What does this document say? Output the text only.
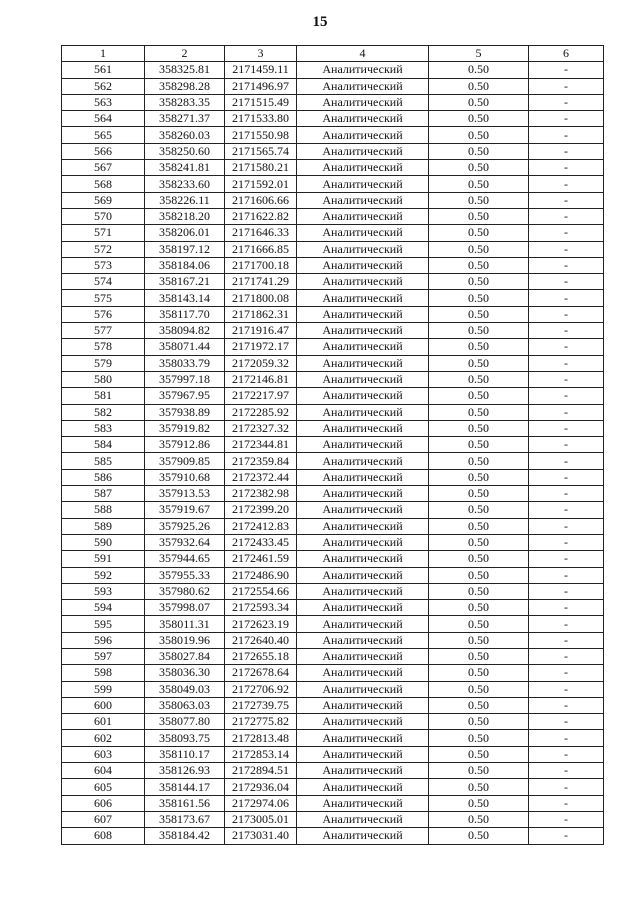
15
1	2	3	4	5	6
561	358325.81	2171459.11	Аналитический	0.50	-
562	358298.28	2171496.97	Аналитический	0.50	-
563	358283.35	2171515.49	Аналитический	0.50	-
564	358271.37	2171533.80	Аналитический	0.50	-
565	358260.03	2171550.98	Аналитический	0.50	-
566	358250.60	2171565.74	Аналитический	0.50	-
567	358241.81	2171580.21	Аналитический	0.50	-
568	358233.60	2171592.01	Аналитический	0.50	-
569	358226.11	2171606.66	Аналитический	0.50	-
570	358218.20	2171622.82	Аналитический	0.50	-
571	358206.01	2171646.33	Аналитический	0.50	-
572	358197.12	2171666.85	Аналитический	0.50	-
573	358184.06	2171700.18	Аналитический	0.50	-
574	358167.21	2171741.29	Аналитический	0.50	-
575	358143.14	2171800.08	Аналитический	0.50	-
576	358117.70	2171862.31	Аналитический	0.50	-
577	358094.82	2171916.47	Аналитический	0.50	-
578	358071.44	2171972.17	Аналитический	0.50	-
579	358033.79	2172059.32	Аналитический	0.50	-
580	357997.18	2172146.81	Аналитический	0.50	-
581	357967.95	2172217.97	Аналитический	0.50	-
582	357938.89	2172285.92	Аналитический	0.50	-
583	357919.82	2172327.32	Аналитический	0.50	-
584	357912.86	2172344.81	Аналитический	0.50	-
585	357909.85	2172359.84	Аналитический	0.50	-
586	357910.68	2172372.44	Аналитический	0.50	-
587	357913.53	2172382.98	Аналитический	0.50	-
588	357919.67	2172399.20	Аналитический	0.50	-
589	357925.26	2172412.83	Аналитический	0.50	-
590	357932.64	2172433.45	Аналитический	0.50	-
591	357944.65	2172461.59	Аналитический	0.50	-
592	357955.33	2172486.90	Аналитический	0.50	-
593	357980.62	2172554.66	Аналитический	0.50	-
594	357998.07	2172593.34	Аналитический	0.50	-
595	358011.31	2172623.19	Аналитический	0.50	-
596	358019.96	2172640.40	Аналитический	0.50	-
597	358027.84	2172655.18	Аналитический	0.50	-
598	358036.30	2172678.64	Аналитический	0.50	-
599	358049.03	2172706.92	Аналитический	0.50	-
600	358063.03	2172739.75	Аналитический	0.50	-
601	358077.80	2172775.82	Аналитический	0.50	-
602	358093.75	2172813.48	Аналитический	0.50	-
603	358110.17	2172853.14	Аналитический	0.50	-
604	358126.93	2172894.51	Аналитический	0.50	-
605	358144.17	2172936.04	Аналитический	0.50	-
606	358161.56	2172974.06	Аналитический	0.50	-
607	358173.67	2173005.01	Аналитический	0.50	-
608	358184.42	2173031.40	Аналитический	0.50	-
